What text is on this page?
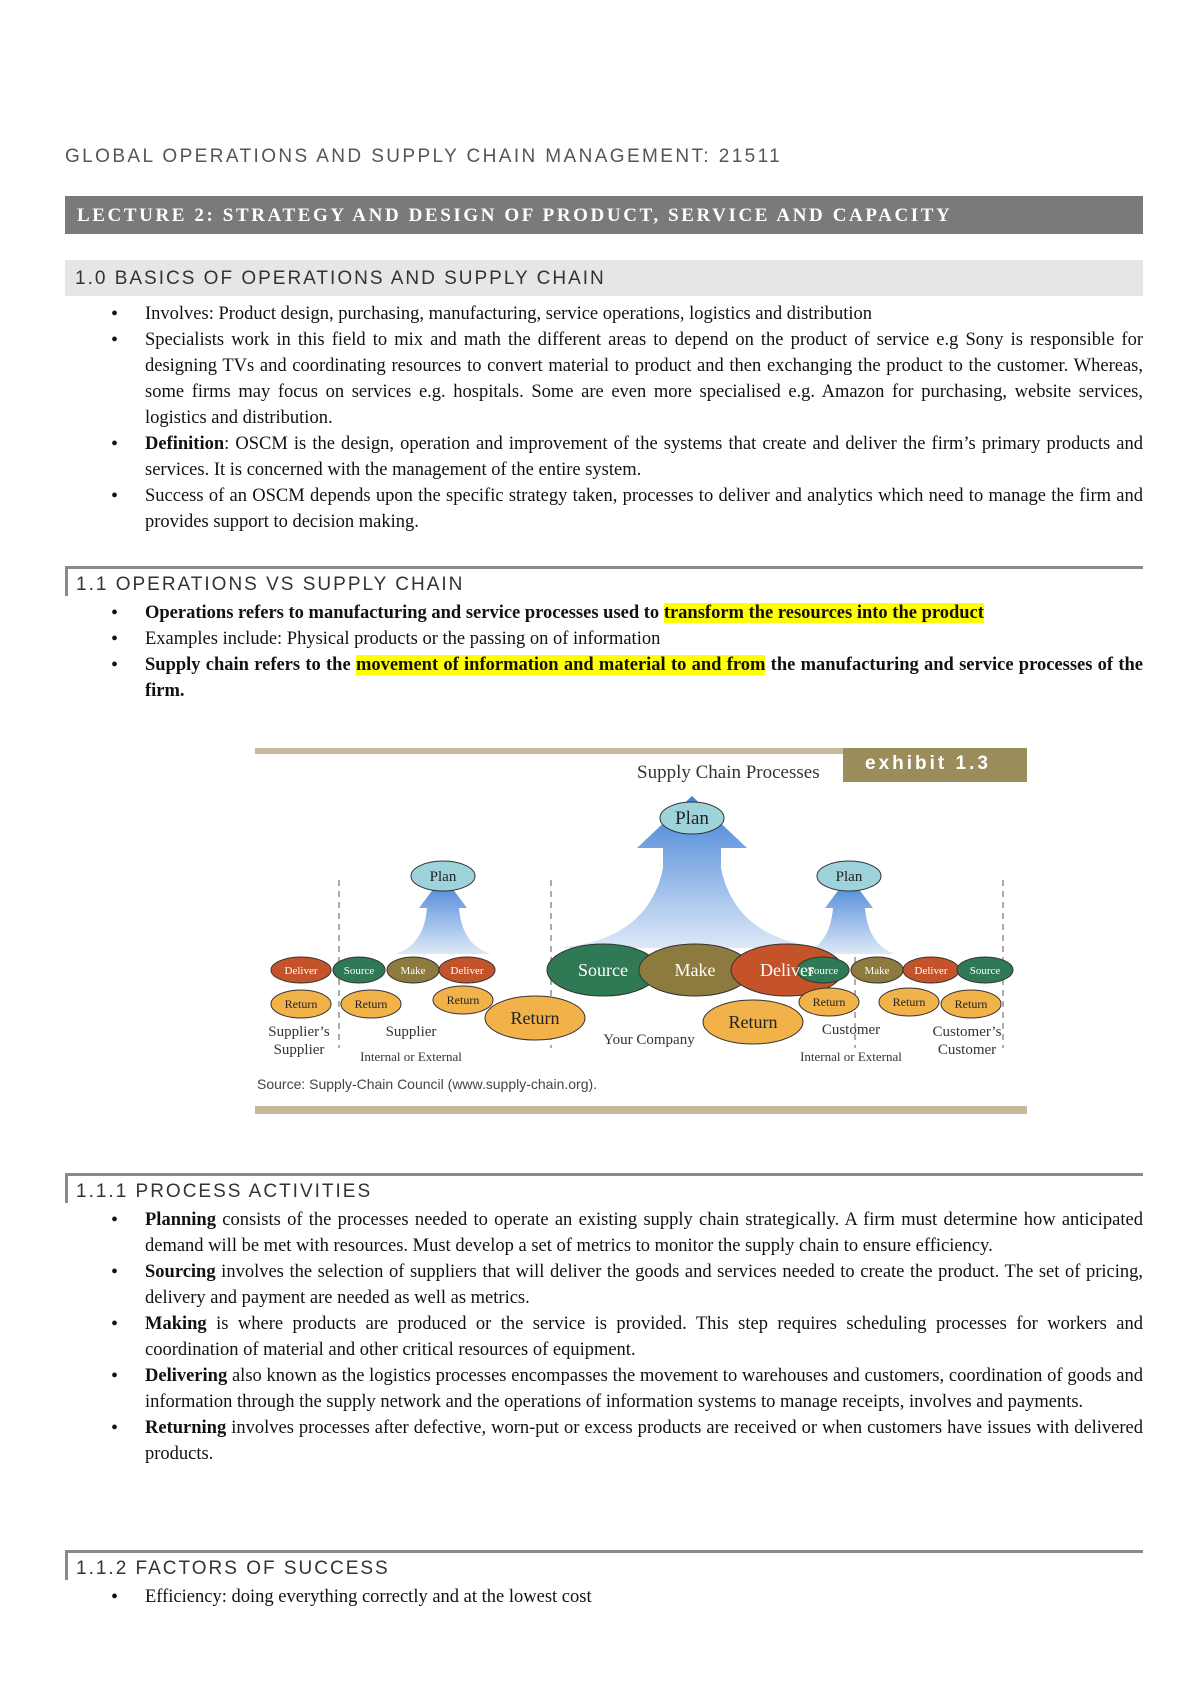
GLOBAL OPERATIONS AND SUPPLY CHAIN MANAGEMENT: 21511
LECTURE 2: STRATEGY AND DESIGN OF PRODUCT, SERVICE AND CAPACITY
1.0 BASICS OF OPERATIONS AND SUPPLY CHAIN
• Involves: Product design, purchasing, manufacturing, service operations, logistics and distribution
• Specialists work in this field to mix and math the different areas to depend on the product of service e.g Sony is responsible for designing TVs and coordinating resources to convert material to product and then exchanging the product to the customer. Whereas, some firms may focus on services e.g. hospitals. Some are even more specialised e.g. Amazon for purchasing, website services, logistics and distribution.
• Definition: OSCM is the design, operation and improvement of the systems that create and deliver the firm’s primary products and services. It is concerned with the management of the entire system.
• Success of an OSCM depends upon the specific strategy taken, processes to deliver and analytics which need to manage the firm and provides support to decision making.
1.1 OPERATIONS VS SUPPLY CHAIN
• Operations refers to manufacturing and service processes used to transform the resources into the product
• Examples include: Physical products or the passing on of information
• Supply chain refers to the movement of information and material to and from the manufacturing and service processes of the firm.
exhibit 1.3
Supply Chain Processes
Plan
Plan	Plan
Deliver Source Make Deliver	Source Make Deliver Source
Source	Make Deliver
Return	Return	Return	Return	Return Return
Return	Return
Supplier’s
Supplier
Supplier	Your Company
Customer	Customer’s
Customer
Internal or External	Internal or External
Source: Supply-Chain Council (www.supply-chain.org).
1.1.1 PROCESS ACTIVITIES
• Planning consists of the processes needed to operate an existing supply chain strategically. A firm must determine how anticipated demand will be met with resources. Must develop a set of metrics to monitor the supply chain to ensure efficiency.
• Sourcing involves the selection of suppliers that will deliver the goods and services needed to create the product. The set of pricing, delivery and payment are needed as well as metrics.
• Making is where products are produced or the service is provided. This step requires scheduling processes for workers and coordination of material and other critical resources of equipment.
• Delivering also known as the logistics processes encompasses the movement to warehouses and customers, coordination of goods and information through the supply network and the operations of information systems to manage receipts, involves and payments.
• Returning involves processes after defective, worn-put or excess products are received or when customers have issues with delivered products.
1.1.2 FACTORS OF SUCCESS
• Efficiency: doing everything correctly and at the lowest cost
